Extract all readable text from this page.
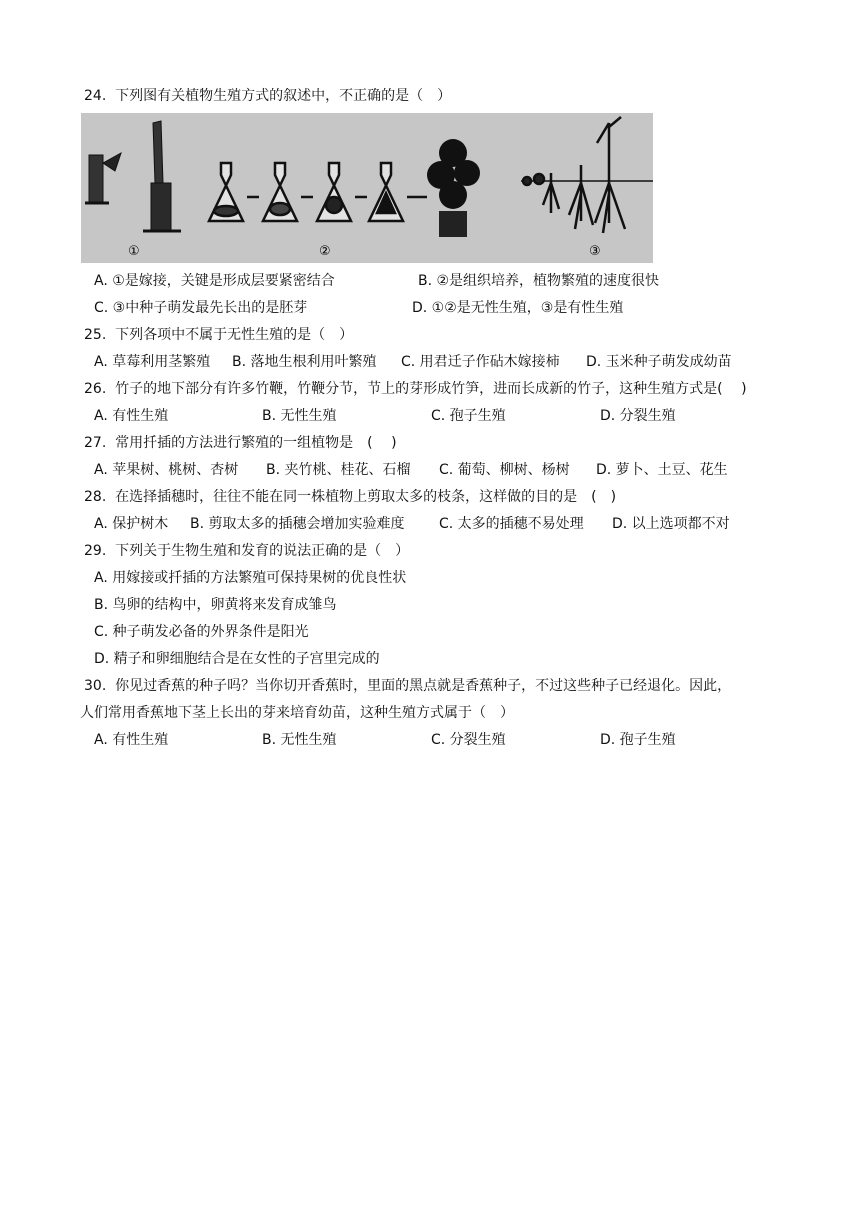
24. 下列图有关植物生殖方式的叙述中，不正确的是（　）
①	②	③
A. ①是嫁接，关键是形成层要紧密结合	B. ②是组织培养，植物繁殖的速度很快
C. ③中种子萌发最先长出的是胚芽	D. ①②是无性生殖，③是有性生殖
25. 下列各项中不属于无性生殖的是（　）
A. 草莓利用茎繁殖 B. 落地生根利用叶繁殖 C. 用君迁子作砧木嫁接柿 D. 玉米种子萌发成幼苗
26. 竹子的地下部分有许多竹鞭，竹鞭分节，节上的芽形成竹笋，进而长成新的竹子，这种生殖方式是(　 )
A. 有性生殖	B. 无性生殖	C. 孢子生殖	D. 分裂生殖
27. 常用扦插的方法进行繁殖的一组植物是　(　 )
A. 苹果树、桃树、杏树 B. 夹竹桃、桂花、石榴 C. 葡萄、柳树、杨树 D. 萝卜、土豆、花生
28. 在选择插穗时，往往不能在同一株植物上剪取太多的枝条，这样做的目的是　(　)
A. 保护树木 B. 剪取太多的插穗会增加实验难度 C. 太多的插穗不易处理 D. 以上选项都不对
29. 下列关于生物生殖和发育的说法正确的是（　）
A. 用嫁接或扦插的方法繁殖可保持果树的优良性状
B. 鸟卵的结构中，卵黄将来发育成雏鸟
C. 种子萌发必备的外界条件是阳光
D. 精子和卵细胞结合是在女性的子宫里完成的
30. 你见过香蕉的种子吗？当你切开香蕉时，里面的黑点就是香蕉种子，不过这些种子已经退化。因此，
人们常用香蕉地下茎上长出的芽来培育幼苗，这种生殖方式属于（　）
A. 有性生殖	B. 无性生殖	C. 分裂生殖	D. 孢子生殖
